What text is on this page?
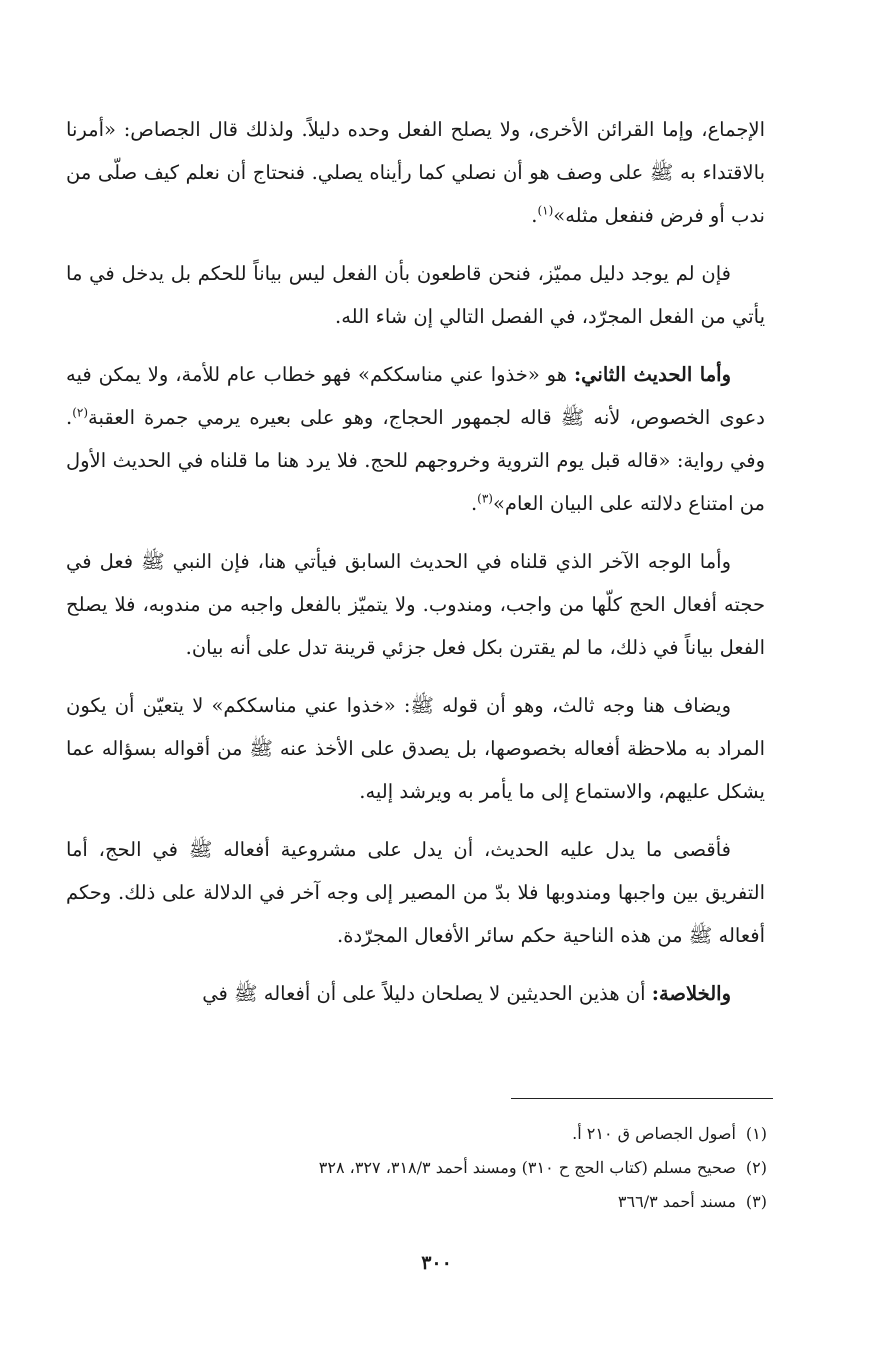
الإجماع، وإما القرائن الأخرى، ولا يصلح الفعل وحده دليلاً. ولذلك قال الجصاص: «أمرنا بالاقتداء به ﷺ على وصف هو أن نصلي كما رأيناه يصلي. فنحتاج أن نعلم كيف صلّى من ندب أو فرض فنفعل مثله»$^{(١)}$.

فإن لم يوجد دليل مميّز، فنحن قاطعون بأن الفعل ليس بياناً للحكم بل يدخل في ما يأتي من الفعل المجرّد، في الفصل التالي إن شاء الله.

وأما الحديث الثاني: هو «خذوا عني مناسككم» فهو خطاب عام للأمة، ولا يمكن فيه دعوى الخصوص، لأنه ﷺ قاله لجمهور الحجاج، وهو على بعيره يرمي جمرة العقبة$^{(٢)}$. وفي رواية: «قاله قبل يوم التروية وخروجهم للحج. فلا يرد هنا ما قلناه في الحديث الأول من امتناع دلالته على البيان العام»$^{(٣)}$.

وأما الوجه الآخر الذي قلناه في الحديث السابق فيأتي هنا، فإن النبي ﷺ فعل في حجته أفعال الحج كلّها من واجب، ومندوب. ولا يتميّز بالفعل واجبه من مندوبه، فلا يصلح الفعل بياناً في ذلك، ما لم يقترن بكل فعل جزئي قرينة تدل على أنه بيان.

ويضاف هنا وجه ثالث، وهو أن قوله ﷺ: «خذوا عني مناسككم» لا يتعيّن أن يكون المراد به ملاحظة أفعاله بخصوصها، بل يصدق على الأخذ عنه ﷺ من أقواله بسؤاله عما يشكل عليهم، والاستماع إلى ما يأمر به ويرشد إليه.

فأقصى ما يدل عليه الحديث، أن يدل على مشروعية أفعاله ﷺ في الحج، أما التفريق بين واجبها ومندوبها فلا بدّ من المصير إلى وجه آخر في الدلالة على ذلك. وحكم أفعاله ﷺ من هذه الناحية حكم سائر الأفعال المجرّدة.

والخلاصة: أن هذين الحديثين لا يصلحان دليلاً على أن أفعاله ﷺ في

(١)أصول الجصاص ق ٢١٠ أ.
(٢)صحيح مسلم (كتاب الحج ح ٣١٠) ومسند أحمد ٣١٨/٣، ٣٢٧، ٣٢٨
(٣)مسند أحمد ٣٦٦/٣
٣٠٠
